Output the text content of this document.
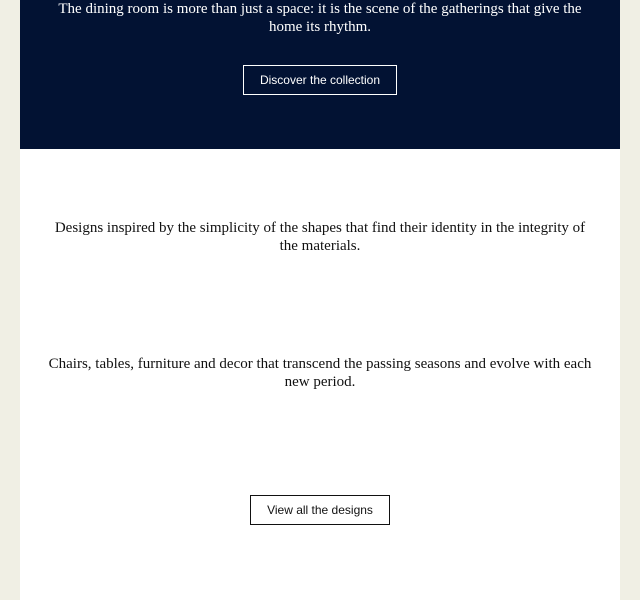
The dining room is more than just a space: it is the scene of the gatherings that give the home its rhythm.

Discover the collection

Designs inspired by the simplicity of the shapes that find their identity in the integrity of the materials.

Chairs, tables, furniture and decor that transcend the passing seasons and evolve with each new period.

View all the designs
